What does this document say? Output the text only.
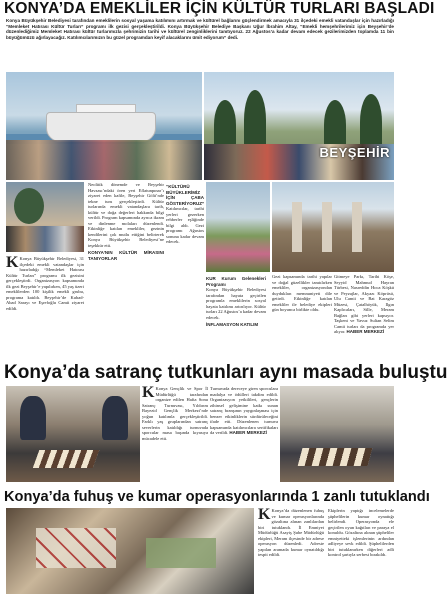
KONYA’DA EMEKLİLER İÇİN KÜLTÜR TURLARI BAŞLADI
Konya Büyükşehir Belediyesi tarafından emeklilerin sosyal yaşama katılımını artırmak ve kültürel bağlarını güçlendirmek amacıyla 31 ilçedeki emekli vatandaşlar için hazırladığı “Memleket Hatırası Kültür Turları” programı ilk gezisi gerçekleştirildi. Konya Büyükşehir Belediye Başkanı Uğur İbrahim Altay, “Emekli hemşehrilerimiz için Beyşehir’de düzenlediğimiz Memleket Hatırası kültür turlarımızla şehrimizin tarihi ve kültürel zenginliklerini tanıtıyoruz. 22 Ağustos’a kadar devam edecek gezilerimizden toplamda 11 bin büyüğümüzü ağırlayacağız. Katılımcılarımızın bu güzel programdan keyif alacaklarını ümit ediyorum” dedi.
BEYŞEHİR
K Konya Büyükşehir Belediyesi, 31 ilçedeki emekli vatandaşlar için hazırladığı “Memleket Hatırası Kültür Turları” programı ilk gezisini gerçekleştirdi. Organizasyon kapsamında ilk gezi Beyşehir’e yapılırken, 45 yaş üzeri emeklilerden 100 kişilik emekli grubu, programa katıldı. Beyşehir’de Kubad-Abad Sarayı ve Eşrefoğlu Camii ziyaret edildi.
Neolitik dönemde ve Beyşehir Havzası’ndaki ören yeri Eflatunpınar’ı ziyaret eden kafile, Beyşehir Gölü’nde tekne turu gerçekleştirdi. Kültür turlarında emekli vatandaşlara tarih, kültür ve doğa değerleri hakkında bilgi verildi. Program kapsamında ayrıca ikram ve dinlenme molaları düzenlendi. Etkinliğe katılan emekliler, gezinin kendilerini çok mutlu ettiğini belirterek Konya Büyükşehir Belediyesi’ne teşekkür etti.
KONYA’NIN KÜLTÜR MİRASINI TANIYORLAR
“KÜLTÜRÜ BÜYÜKLERİMİZ İÇİN ÇABA GÖSTERİYORUZ”
Katılımcılar, tarihi yerleri gezerken rehberler eşliğinde bilgi aldı. Gezi programı Ağustos sonuna kadar devam edecek.
KUR Kurum Gelenekleri Programı
Konya Büyükşehir Belediyesi tarafından hayata geçirilen programla emeklilerin sosyal hayata katılımı artırılıyor. Kültür turları 22 Ağustos’a kadar devam edecek.
İNFLAMASYON KATILIM
Gezi kapsamında tarihi yapılar ve doğal güzellikler tanıtılırken emekliler, organizasyondan duydukları memnuniyeti dile getirdi. Etkinliğe katılan emekliler ile belediye ekipleri gün boyunca birlikte oldu.
Gitmeye Parkı, Tarihi Köşe, Seyyid Mahmud Hayran Türbesi, Nasreddin Hoca Köşkü ve Peyzajlar, Akyazı Köprüsü, Ulu Camii ve Bat Karagöz Müzesi, Çatalhöyük, Ilgın Kaplıcaları, Sille, Meram Bağları gibi yerleri kapsıyor. Taşkent ve Yavuz Sultan Selim Camii turları da programda yer alıyor. HABER MERKEZİ
Konya’da satranç tutkunları aynı masada buluştu
K Konya Gençlik ve Spor İl Müdürlüğü tarafından organize edilen Hafta Sonu Satranç Turnuvası, Yıldırım Bayezid Gençlik Merkezi’nde yoğun katılımla gerçekleştirildi. Farklı yaş gruplarından satranç severlerin katıldığı turnuvada sporcular masa başında kıyasıya mücadele etti.
Turnuvada dereceye giren sporculara madalya ve ödülleri takdim edildi. Organizasyon yetkilileri, gençlerin zihinsel gelişimine katkı sunan satranç branşının yaygınlaşması için benzer etkinliklerin sürdürüleceğini ifade etti. Düzenlenen turnuva kapsamında katılımcılara sertifikaları da verildi. HABER MERKEZİ
Konya’da fuhuş ve kumar operasyonlarında 1 zanlı tutuklandı
K Konya’da düzenlenen fuhuş ve kumar operasyonlarında gözaltına alınan zanlılardan biri tutuklandı. İl Emniyet Müdürlüğü Asayiş Şube Müdürlüğü ekipleri, Meram ilçesinde bir adrese operasyon düzenledi. Adreste yapılan aramada kumar oynatıldığı tespit edildi.
Ekiplerin yaptığı incelemelerde şüphelilerin kumar oynattığı belirlendi. Operasyonda ele geçirilen oyun kağıtları ve paraya el konuldu. Gözaltına alınan şüpheliler emniyetteki işlemlerinin ardından adliyeye sevk edildi. Şüphelilerden biri tutuklanırken diğerleri adli kontrol şartıyla serbest bırakıldı.
